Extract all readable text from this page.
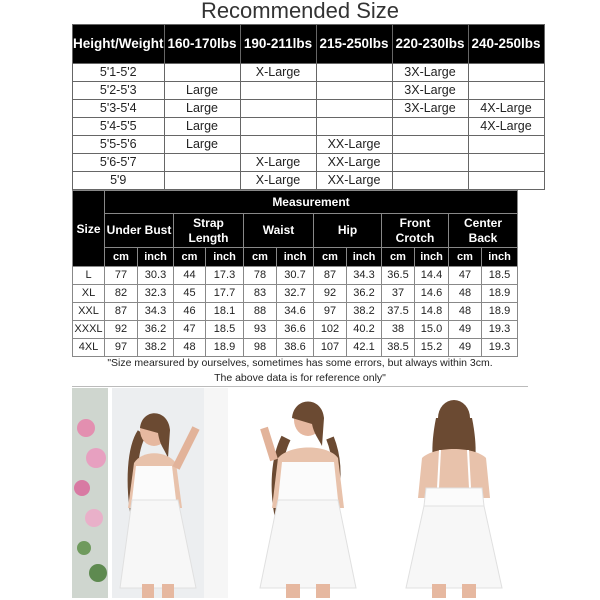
Recommended Size
Height/Weight	160-170lbs	190-211lbs	215-250lbs	220-230lbs	240-250lbs
5'1-5'2		X-Large		3X-Large	
5'2-5'3	Large			3X-Large	
5'3-5'4	Large			3X-Large	4X-Large
5'4-5'5	Large				4X-Large
5'5-5'6	Large		XX-Large		
5'6-5'7		X-Large	XX-Large		
5'9		X-Large	XX-Large		
Size	Measurement											
	Under Bust		Strap Length		Waist		Hip		Front Crotch		Center Back	
	cm	inch	cm	inch	cm	inch	cm	inch	cm	inch	cm	inch
L	77	30.3	44	17.3	78	30.7	87	34.3	36.5	14.4	47	18.5
XL	82	32.3	45	17.7	83	32.7	92	36.2	37	14.6	48	18.9
XXL	87	34.3	46	18.1	88	34.6	97	38.2	37.5	14.8	48	18.9
XXXL	92	36.2	47	18.5	93	36.6	102	40.2	38	15.0	49	19.3
4XL	97	38.2	48	18.9	98	38.6	107	42.1	38.5	15.2	49	19.3
"Size mearsured by ourselves, sometimes has some errors, but always within 3cm.
The above data is for reference only"
